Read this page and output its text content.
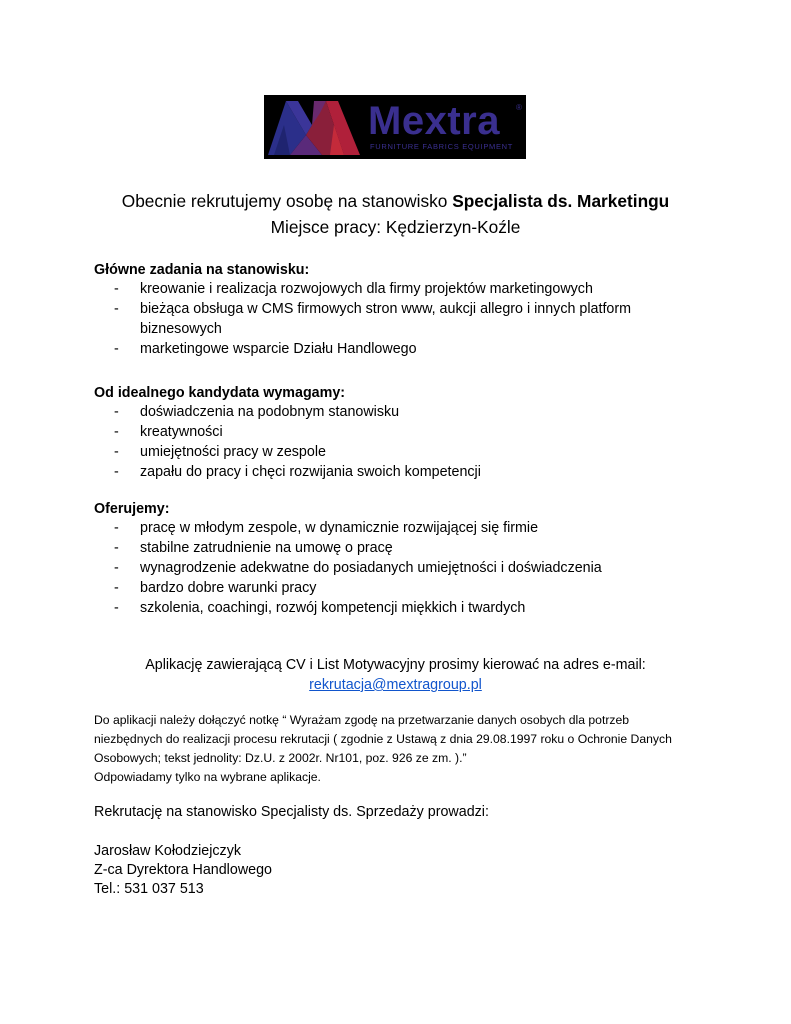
Mextra ®
FURNITURE FABRICS EQUIPMENT
Obecnie rekrutujemy osobę na stanowisko Specjalista ds. Marketingu
Miejsce pracy: Kędzierzyn-Koźle
Główne zadania na stanowisku:
- kreowanie i realizacja rozwojowych dla firmy projektów marketingowych
- bieżąca obsługa w CMS firmowych stron www, aukcji allegro i innych platform biznesowych
- marketingowe wsparcie Działu Handlowego
Od idealnego kandydata wymagamy:
- doświadczenia na podobnym stanowisku
- kreatywności
- umiejętności pracy w zespole
- zapału do pracy i chęci rozwijania swoich kompetencji
Oferujemy:
- pracę w młodym zespole, w dynamicznie rozwijającej się firmie
- stabilne zatrudnienie na umowę o pracę
- wynagrodzenie adekwatne do posiadanych umiejętności i doświadczenia
- bardzo dobre warunki pracy
- szkolenia, coachingi, rozwój kompetencji miękkich i twardych
Aplikację zawierającą CV i List Motywacyjny prosimy kierować na adres e-mail:
rekrutacja@mextragroup.pl
Do aplikacji należy dołączyć notkę “ Wyrażam zgodę na przetwarzanie danych osobych dla potrzeb
niezbędnych do realizacji procesu rekrutacji ( zgodnie z Ustawą z dnia 29.08.1997 roku o Ochronie Danych
Osobowych; tekst jednolity: Dz.U. z 2002r. Nr101, poz. 926 ze zm. ).”
Odpowiadamy tylko na wybrane aplikacje.
Rekrutację na stanowisko Specjalisty ds. Sprzedaży prowadzi:
Jarosław Kołodziejczyk
Z-ca Dyrektora Handlowego
Tel.: 531 037 513
